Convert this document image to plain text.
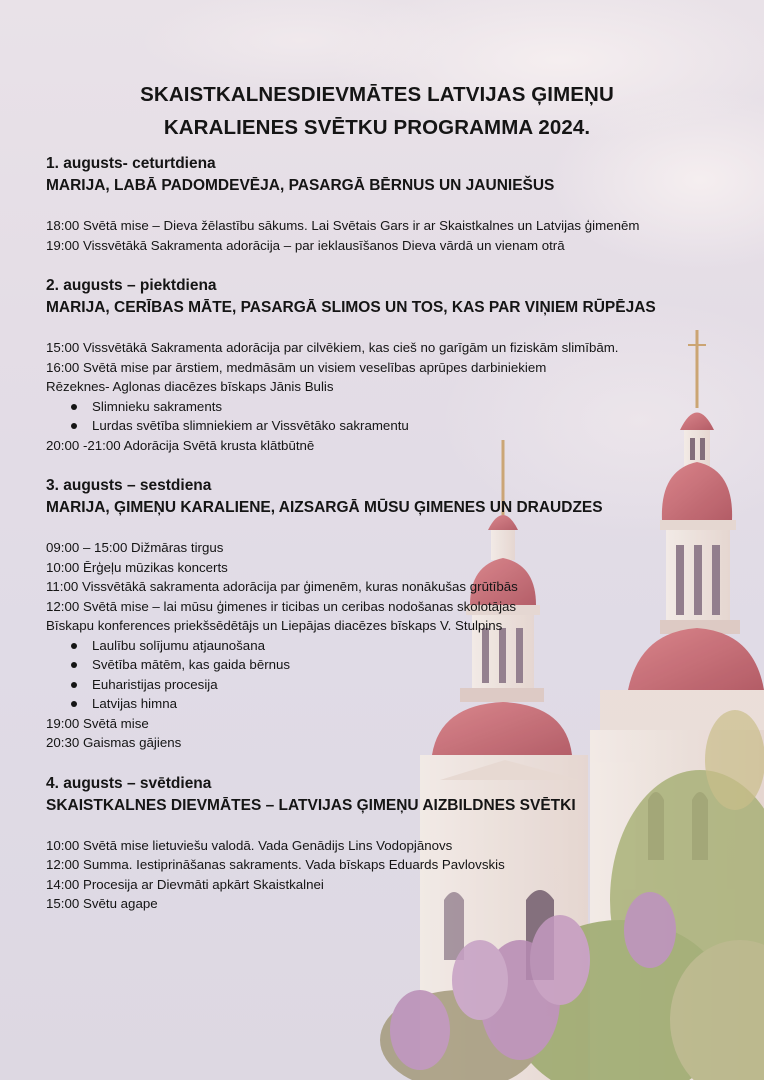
SKAISTKALNESDIEVMĀTES LATVIJAS ĢIMEŅU
KARALIENES SVĒTKU PROGRAMMA 2024.
1. augusts- ceturtdiena
MARIJA, LABĀ PADOMDEVĒJA, PASARGĀ BĒRNUS UN JAUNIEŠUS
18:00 Svētā mise – Dieva žēlastību sākums. Lai Svētais Gars ir ar Skaistkalnes un Latvijas ģimenēm
19:00 Vissvētākā Sakramenta adorācija – par ieklausīšanos Dieva vārdā un vienam otrā
2. augusts – piektdiena
MARIJA, CERĪBAS MĀTE, PASARGĀ SLIMOS UN TOS, KAS PAR VIŅIEM RŪPĒJAS
15:00 Vissvētākā Sakramenta adorācija par cilvēkiem, kas cieš no garīgām un fiziskām slimībām.
16:00 Svētā mise par ārstiem, medmāsām un visiem veselības aprūpes darbiniekiem
Rēzeknes- Aglonas diacēzes bīskaps Jānis Bulis
Slimnieku sakraments
Lurdas svētība slimniekiem ar Vissvētāko sakramentu
20:00 -21:00 Adorācija Svētā krusta klātbūtnē
3. augusts – sestdiena
MARIJA, ĢIMEŅU KARALIENE, AIZSARGĀ MŪSU ĢIMENES UN DRAUDZES
09:00 – 15:00 Dižmāras tirgus
10:00 Ērģeļu mūzikas koncerts
11:00 Vissvētākā sakramenta adorācija par ģimenēm, kuras nonākušas grūtībās
12:00 Svētā mise – lai mūsu ģimenes ir ticibas un ceribas nodošanas skolotājas
Bīskapu konferences priekšsēdētājs un Liepājas diacēzes bīskaps V. Stulpins
Laulību solījumu atjaunošana
Svētība mātēm, kas gaida bērnus
Euharistijas procesija
Latvijas himna
19:00 Svētā mise
20:30 Gaismas gājiens
4. augusts – svētdiena
SKAISTKALNES DIEVMĀTES – LATVIJAS ĢIMEŅU AIZBILDNES SVĒTKI
10:00 Svētā mise lietuviešu valodā. Vada Genādijs Lins Vodopjānovs
12:00 Summa. Iestiprināšanas sakraments. Vada bīskaps Eduards Pavlovskis
14:00 Procesija ar Dievmāti apkārt Skaistkalnei
15:00 Svētu agape
